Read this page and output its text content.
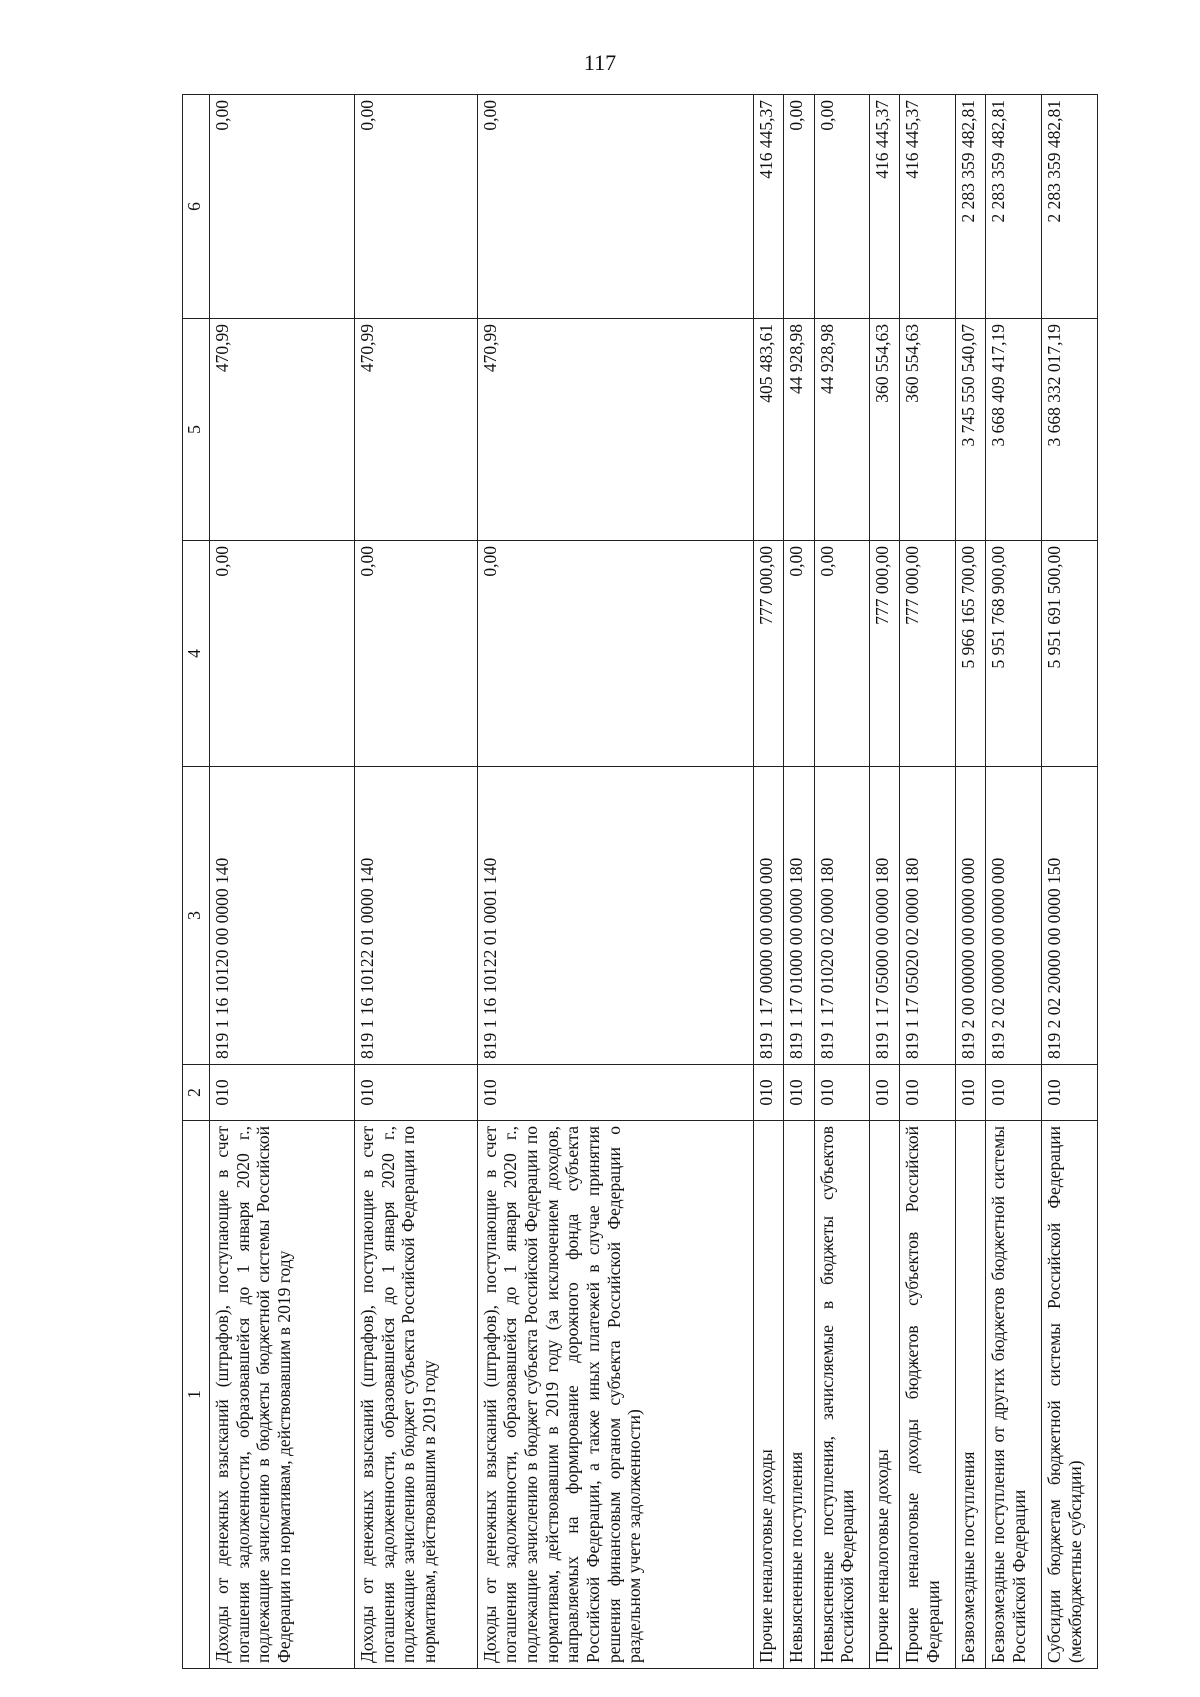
117
1	2	3	4	5	6
Доходы от денежных взысканий (штрафов), поступающие в счет погашения задолженности, образовавшейся до 1 января 2020 г., подлежащие зачислению в бюджеты бюджетной системы Российской Федерации по нормативам, действовавшим в 2019 году	010	819 1 16 10120 00 0000 140	0,00	470,99	0,00
Доходы от денежных взысканий (штрафов), поступающие в счет погашения задолженности, образовавшейся до 1 января 2020 г., подлежащие зачислению в бюджет субъекта Российской Федерации по нормативам, действовавшим в 2019 году	010	819 1 16 10122 01 0000 140	0,00	470,99	0,00
Доходы от денежных взысканий (штрафов), поступающие в счет погашения задолженности, образовавшейся до 1 января 2020 г., подлежащие зачислению в бюджет субъекта Российской Федерации по нормативам, действовавшим в 2019 году (за исключением доходов, направляемых на формирование дорожного фонда субъекта Российской Федерации, а также иных платежей в случае принятия решения финансовым органом субъекта Российской Федерации о раздельном учете задолженности)	010	819 1 16 10122 01 0001 140	0,00	470,99	0,00
Прочие неналоговые доходы	010	819 1 17 00000 00 0000 000	777 000,00	405 483,61	416 445,37
Невыясненные поступления	010	819 1 17 01000 00 0000 180	0,00	44 928,98	0,00
Невыясненные поступления, зачисляемые в бюджеты субъектов Российской Федерации	010	819 1 17 01020 02 0000 180	0,00	44 928,98	0,00
Прочие неналоговые доходы	010	819 1 17 05000 00 0000 180	777 000,00	360 554,63	416 445,37
Прочие неналоговые доходы бюджетов субъектов Российской Федерации	010	819 1 17 05020 02 0000 180	777 000,00	360 554,63	416 445,37
Безвозмездные поступления	010	819 2 00 00000 00 0000 000	5 966 165 700,00	3 745 550 540,07	2 283 359 482,81
Безвозмездные поступления от других бюджетов бюджетной системы Российской Федерации	010	819 2 02 00000 00 0000 000	5 951 768 900,00	3 668 409 417,19	2 283 359 482,81
Субсидии бюджетам бюджетной системы Российской Федерации (межбюджетные субсидии)	010	819 2 02 20000 00 0000 150	5 951 691 500,00	3 668 332 017,19	2 283 359 482,81
